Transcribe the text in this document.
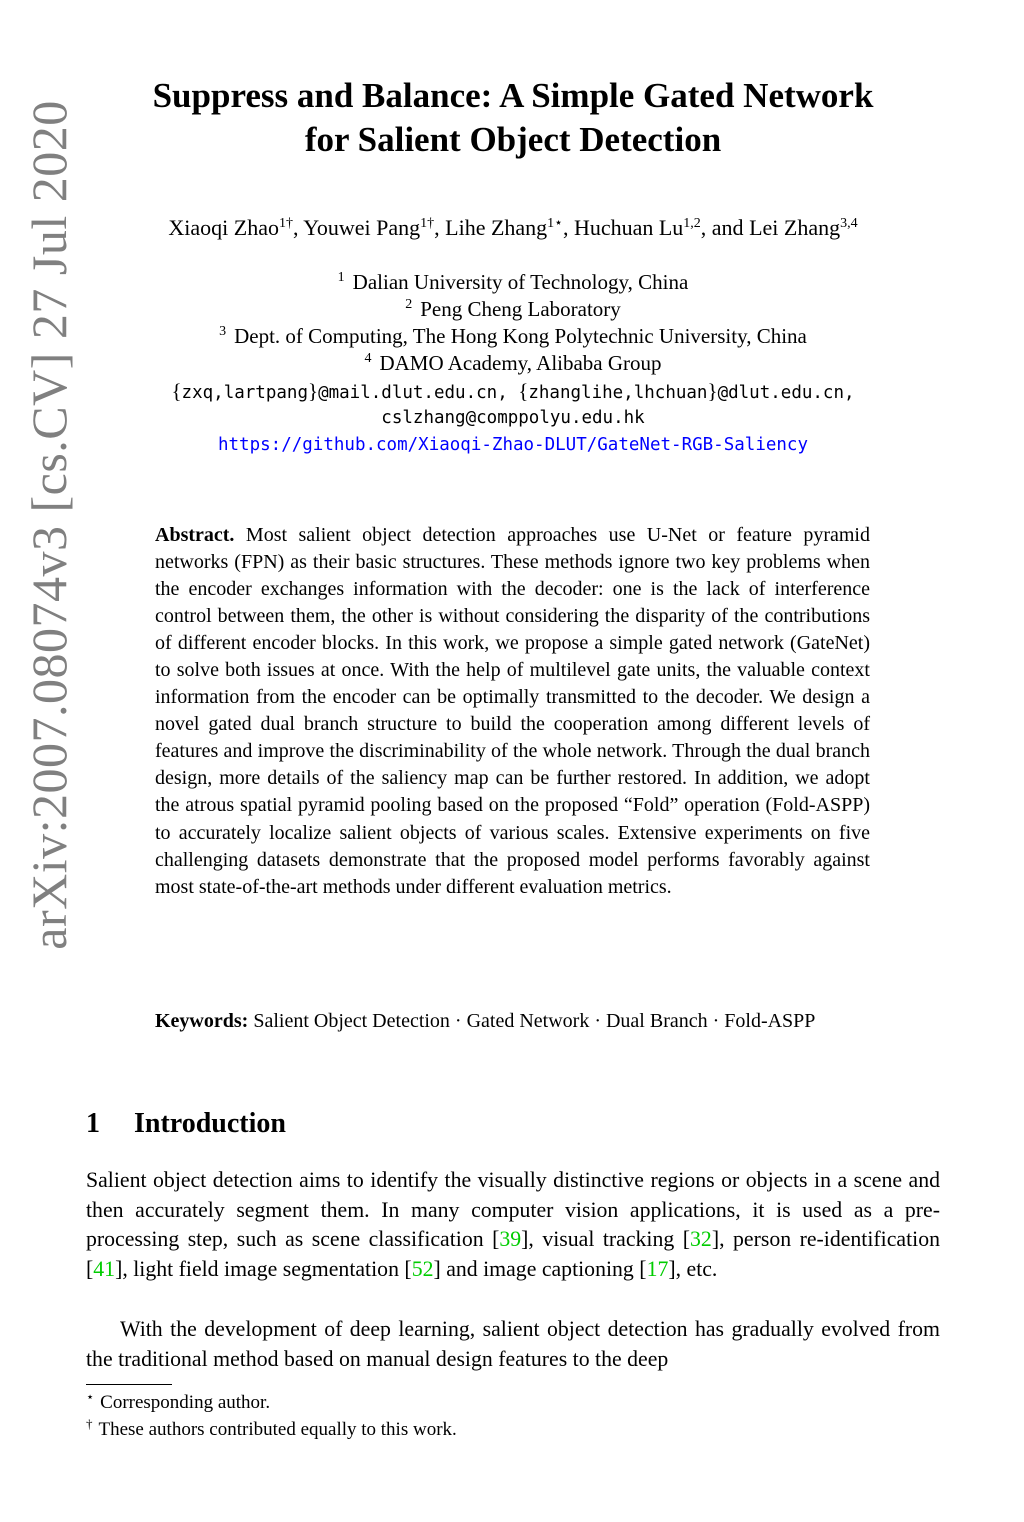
arXiv:2007.08074v3 [cs.CV] 27 Jul 2020
Suppress and Balance: A Simple Gated Network
for Salient Object Detection
Xiaoqi Zhao$^{1\dagger}$, Youwei Pang$^{1\dagger}$, Lihe Zhang$^{1⋆}$, Huchuan Lu$^{1,2}$, and Lei Zhang$^{3,4}$
$^1$ Dalian University of Technology, China
$^2$ Peng Cheng Laboratory
$^3$ Dept. of Computing, The Hong Kong Polytechnic University, China
$^4$ DAMO Academy, Alibaba Group
{zxq,lartpang}@mail.dlut.edu.cn, {zhanglihe,lhchuan}@dlut.edu.cn,
cslzhang@comppolyu.edu.hk
https://github.com/Xiaoqi-Zhao-DLUT/GateNet-RGB-Saliency
Abstract. Most salient object detection approaches use U-Net or feature pyramid networks (FPN) as their basic structures. These methods ignore two key problems when the encoder exchanges information with the decoder: one is the lack of interference control between them, the other is without considering the disparity of the contributions of different encoder blocks. In this work, we propose a simple gated network (GateNet) to solve both issues at once. With the help of multilevel gate units, the valuable context information from the encoder can be optimally transmitted to the decoder. We design a novel gated dual branch structure to build the cooperation among different levels of features and improve the discriminability of the whole network. Through the dual branch design, more details of the saliency map can be further restored. In addition, we adopt the atrous spatial pyramid pooling based on the proposed “Fold” operation (Fold-ASPP) to accurately localize salient objects of various scales. Extensive experiments on five challenging datasets demonstrate that the proposed model performs favorably against most state-of-the-art methods under different evaluation metrics.
Keywords: Salient Object Detection · Gated Network · Dual Branch · Fold-ASPP
1 Introduction

Salient object detection aims to identify the visually distinctive regions or objects in a scene and then accurately segment them. In many computer vision applications, it is used as a pre-processing step, such as scene classification [39], visual tracking [32], person re-identification [41], light field image segmentation [52] and image captioning [17], etc.

With the development of deep learning, salient object detection has gradually evolved from the traditional method based on manual design features to the deep

⋆ Corresponding author.
† These authors contributed equally to this work.
